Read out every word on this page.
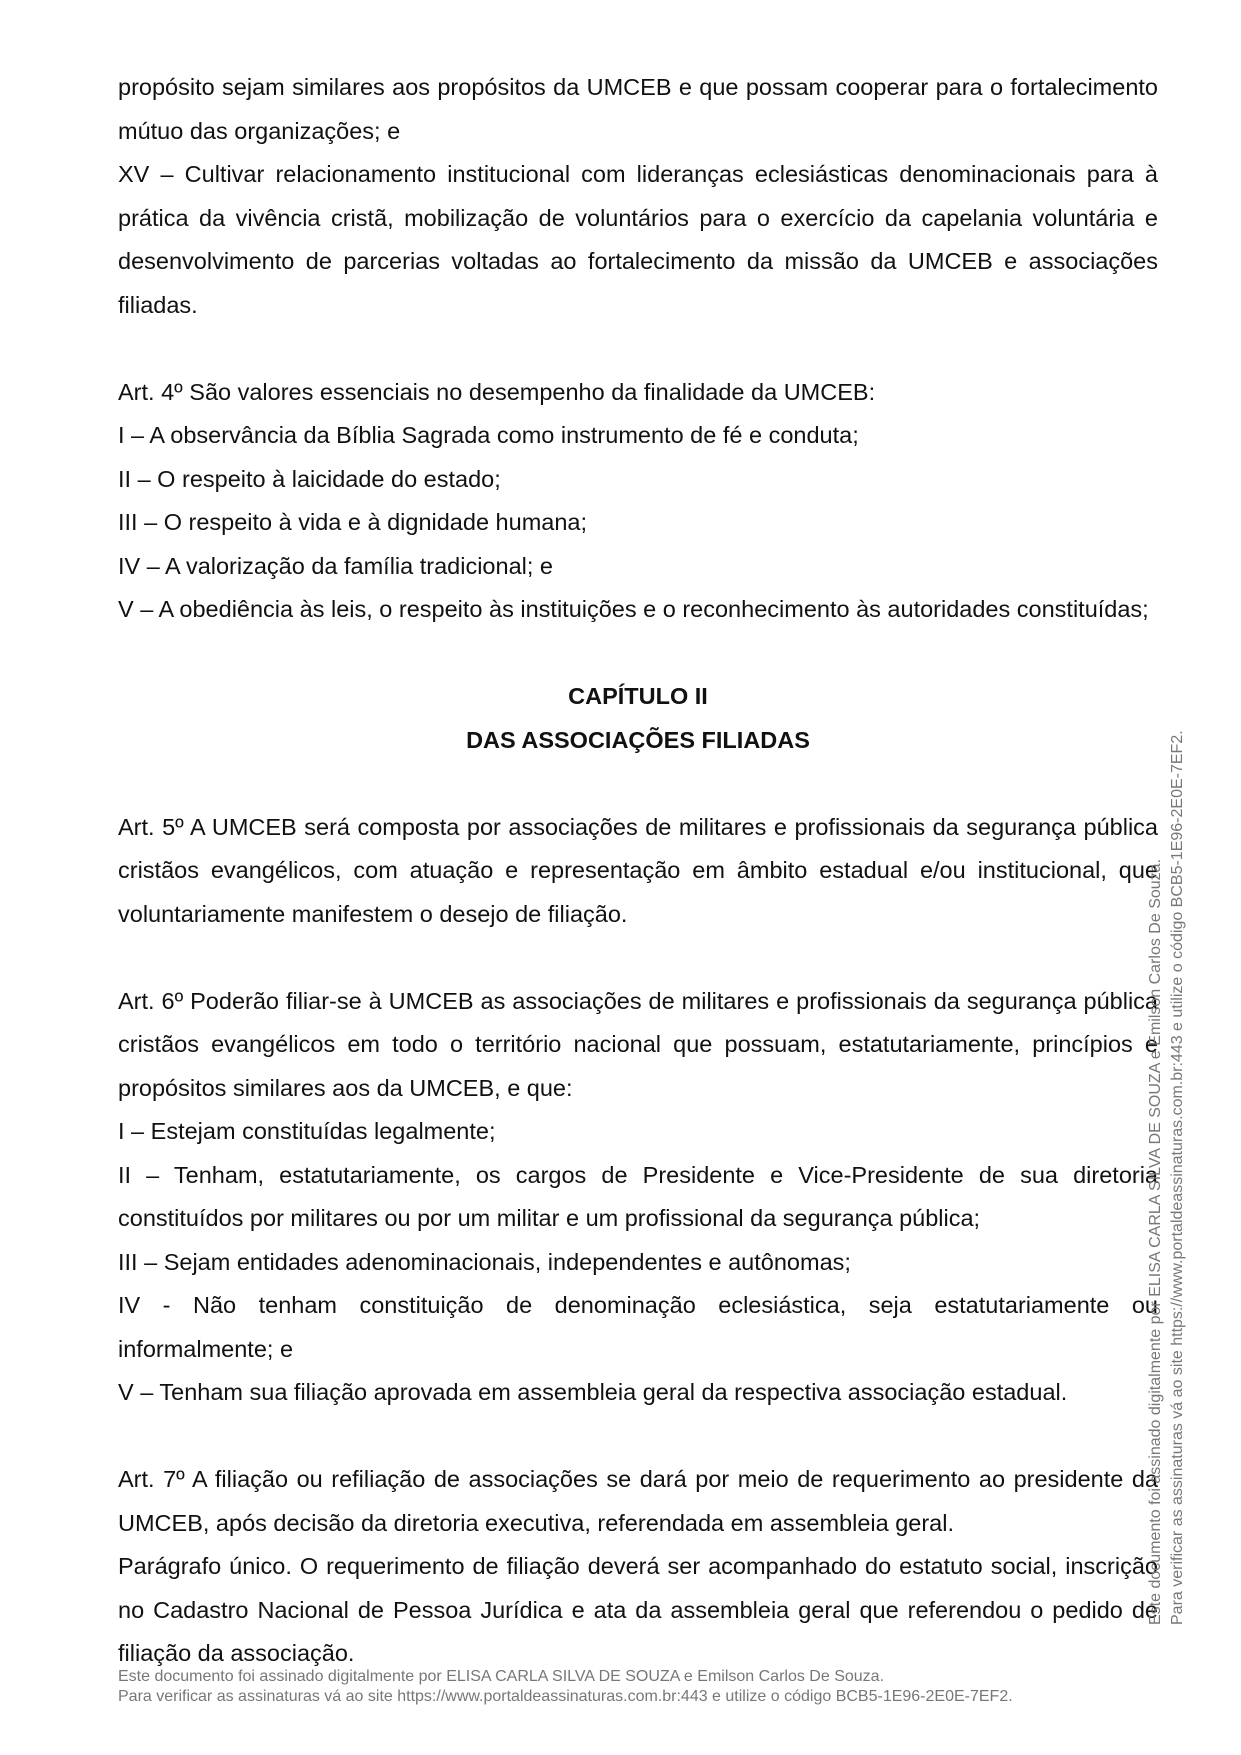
propósito sejam similares aos propósitos da UMCEB e que possam cooperar para o fortalecimento mútuo das organizações; e

XV – Cultivar relacionamento institucional com lideranças eclesiásticas denominacionais para à prática da vivência cristã, mobilização de voluntários para o exercício da capelania voluntária e desenvolvimento de parcerias voltadas ao fortalecimento da missão da UMCEB e associações filiadas.

Art. 4º São valores essenciais no desempenho da finalidade da UMCEB:

I – A observância da Bíblia Sagrada como instrumento de fé e conduta;

II – O respeito à laicidade do estado;

III – O respeito à vida e à dignidade humana;

IV – A valorização da família tradicional; e

V – A obediência às leis, o respeito às instituições e o reconhecimento às autoridades constituídas;

CAPÍTULO II

DAS ASSOCIAÇÕES FILIADAS

Art. 5º A UMCEB será composta por associações de militares e profissionais da segurança pública cristãos evangélicos, com atuação e representação em âmbito estadual e/ou institucional, que voluntariamente manifestem o desejo de filiação.

Art. 6º Poderão filiar-se à UMCEB as associações de militares e profissionais da segurança pública cristãos evangélicos em todo o território nacional que possuam, estatutariamente, princípios e propósitos similares aos da UMCEB, e que:

I – Estejam constituídas legalmente;

II – Tenham, estatutariamente, os cargos de Presidente e Vice-Presidente de sua diretoria constituídos por militares ou por um militar e um profissional da segurança pública;

III – Sejam entidades adenominacionais, independentes e autônomas;

IV - Não tenham constituição de denominação eclesiástica, seja estatutariamente ou informalmente; e

V – Tenham sua filiação aprovada em assembleia geral da respectiva associação estadual.

Art. 7º A filiação ou refiliação de associações se dará por meio de requerimento ao presidente da UMCEB, após decisão da diretoria executiva, referendada em assembleia geral.

Parágrafo único. O requerimento de filiação deverá ser acompanhado do estatuto social, inscrição no Cadastro Nacional de Pessoa Jurídica e ata da assembleia geral que referendou o pedido de filiação da associação.

Este documento foi assinado digitalmente por ELISA CARLA SILVA DE SOUZA e Emilson Carlos De Souza.
Para verificar as assinaturas vá ao site https://www.portaldeassinaturas.com.br:443 e utilize o código BCB5-1E96-2E0E-7EF2.
Este documento foi assinado digitalmente por ELISA CARLA SILVA DE SOUZA e Emilson Carlos De Souza. Para verificar as assinaturas vá ao site https://www.portaldeassinaturas.com.br:443 e utilize o código BCB5-1E96-2E0E-7EF2.
